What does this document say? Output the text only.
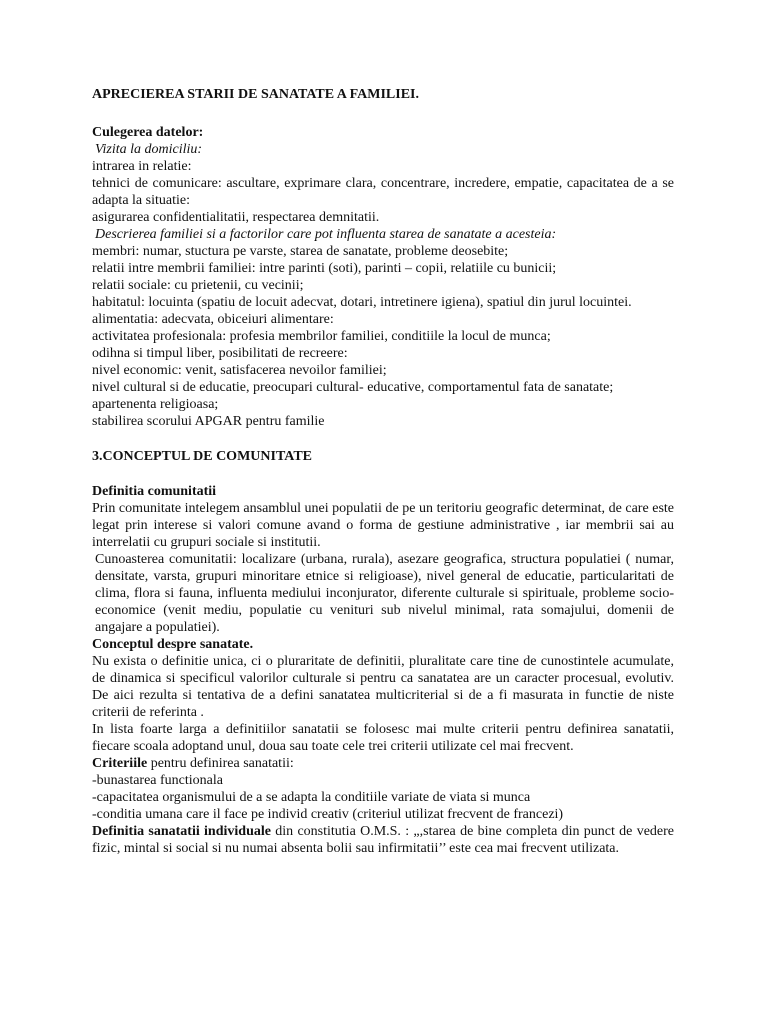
APRECIEREA STARII DE SANATATE A FAMILIEI.

Culegerea datelor:

Vizita la domiciliu:

intrarea in relatie:

tehnici de comunicare: ascultare, exprimare clara, concentrare, incredere, empatie, capacitatea de a se adapta la situatie:

asigurarea confidentialitatii, respectarea demnitatii.

Descrierea familiei si a factorilor care pot influenta starea de sanatate a acesteia:

membri: numar, stuctura pe varste, starea de sanatate, probleme deosebite;

relatii intre membrii familiei: intre parinti (soti), parinti – copii, relatiile cu bunicii;

relatii sociale: cu prietenii, cu vecinii;

habitatul: locuinta (spatiu de locuit adecvat, dotari, intretinere igiena), spatiul din jurul locuintei.

alimentatia: adecvata, obiceiuri alimentare:

activitatea profesionala: profesia membrilor familiei, conditiile la locul de munca;

odihna si timpul liber, posibilitati de recreere:

nivel economic: venit, satisfacerea nevoilor familiei;

nivel cultural si de educatie, preocupari cultural- educative, comportamentul fata de sanatate;

apartenenta religioasa;

stabilirea scorului APGAR pentru familie

3.CONCEPTUL DE COMUNITATE

Definitia comunitatii

Prin comunitate intelegem ansamblul unei populatii de pe un teritoriu geografic determinat, de care este legat prin interese si valori comune avand o forma de gestiune administrative , iar membrii sai au interrelatii cu grupuri sociale si institutii.

Cunoasterea comunitatii: localizare (urbana, rurala), asezare geografica, structura populatiei ( numar, densitate, varsta, grupuri minoritare etnice si religioase), nivel general de educatie, particularitati de clima, flora si fauna, influenta mediului inconjurator, diferente culturale si spirituale, probleme socio-economice (venit mediu, populatie cu venituri sub nivelul minimal, rata somajului, domenii de angajare a populatiei).

Conceptul despre sanatate.

Nu exista o definitie unica, ci o pluraritate de definitii, pluralitate care tine de cunostintele acumulate, de dinamica si specificul valorilor culturale si pentru ca sanatatea are un caracter procesual, evolutiv. De aici rezulta si tentativa de a defini sanatatea multicriterial si de a fi masurata in functie de niste criterii de referinta .

In lista foarte larga a definitiilor sanatatii se folosesc mai multe criterii pentru definirea sanatatii, fiecare scoala adoptand unul, doua sau toate cele trei criterii utilizate cel mai frecvent.

Criteriile pentru definirea sanatatii:

-bunastarea functionala

-capacitatea organismului de a se adapta la conditiile variate de viata si munca

-conditia umana care il face pe individ creativ (criteriul utilizat frecvent de francezi)

Definitia sanatatii individuale din constitutia O.M.S. : „,starea de bine completa din punct de vedere fizic, mintal si social si nu numai absenta bolii sau infirmitatii’’ este cea mai frecvent utilizata.
